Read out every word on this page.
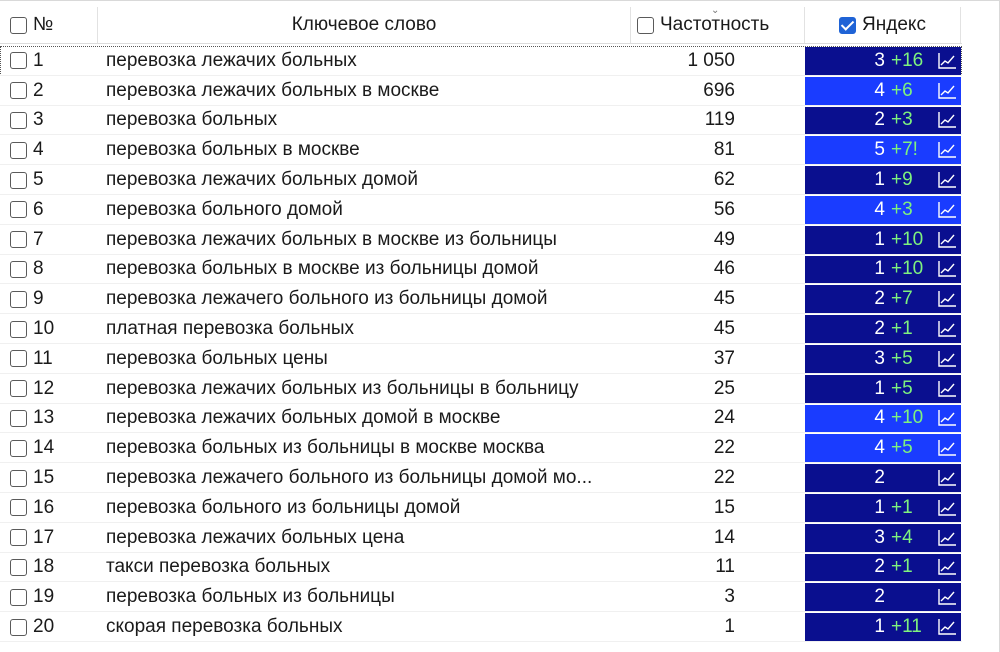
№	Ключевое слово	Частотность	Яндекс
⌄
1	перевозка лежачих больных	1 050	3 +16
2	перевозка лежачих больных в москве	696	4 +6
3	перевозка больных	119	2 +3
4	перевозка больных в москве	81	5 +7!
5	перевозка лежачих больных домой	62	1 +9
6	перевозка больного домой	56	4 +3
7	перевозка лежачих больных в москве из больницы	49	1 +10
8	перевозка больных в москве из больницы домой	46	1 +10
9	перевозка лежачего больного из больницы домой	45	2 +7
10	платная перевозка больных	45	2 +1
11	перевозка больных цены	37	3 +5
12	перевозка лежачих больных из больницы в больницу	25	1 +5
13	перевозка лежачих больных домой в москве	24	4 +10
14	перевозка больных из больницы в москве москва	22	4 +5
15	перевозка лежачего больного из больницы домой мо...	22	2
16	перевозка больного из больницы домой	15	1 +1
17	перевозка лежачих больных цена	14	3 +4
18	такси перевозка больных	11	2 +1
19	перевозка больных из больницы	3	2
20	скорая перевозка больных	1	1 +11
